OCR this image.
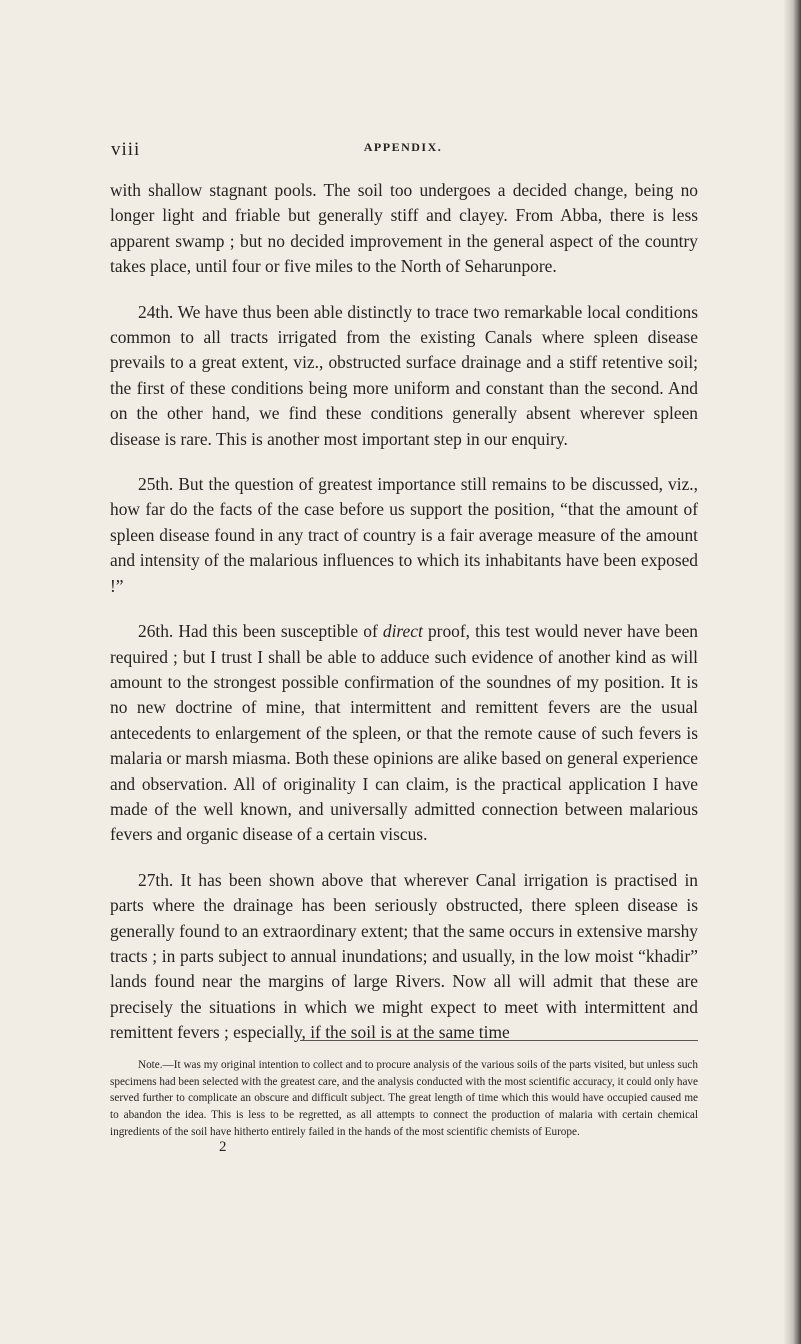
viii	APPENDIX.

with shallow stagnant pools. The soil too undergoes a decided change, being no longer light and friable but generally stiff and clayey. From Abba, there is less apparent swamp ; but no decided improvement in the general aspect of the country takes place, until four or five miles to the North of Seharunpore.

24th. We have thus been able distinctly to trace two remarkable local conditions common to all tracts irrigated from the existing Canals where spleen disease prevails to a great extent, viz., obstructed surface drainage and a stiff retentive soil; the first of these conditions being more uniform and constant than the second. And on the other hand, we find these conditions generally absent wherever spleen disease is rare. This is another most important step in our enquiry.

25th. But the question of greatest importance still remains to be discussed, viz., how far do the facts of the case before us support the position, “that the amount of spleen disease found in any tract of country is a fair average measure of the amount and intensity of the malarious influences to which its inhabitants have been exposed !”

26th. Had this been susceptible of direct proof, this test would never have been required ; but I trust I shall be able to adduce such evidence of another kind as will amount to the strongest possible confirmation of the soundnes of my position. It is no new doctrine of mine, that intermittent and remittent fevers are the usual antecedents to enlargement of the spleen, or that the remote cause of such fevers is malaria or marsh miasma. Both these opinions are alike based on general experience and observation. All of originality I can claim, is the practical application I have made of the well known, and universally admitted connection between malarious fevers and organic disease of a certain viscus.

27th. It has been shown above that wherever Canal irrigation is practised in parts where the drainage has been seriously obstructed, there spleen disease is generally found to an extraordinary extent; that the same occurs in extensive marshy tracts ; in parts subject to annual inundations; and usually, in the low moist “khadir” lands found near the margins of large Rivers. Now all will admit that these are precisely the situations in which we might expect to meet with intermittent and remittent fevers ; especially, if the soil is at the same time

Note.—It was my original intention to collect and to procure analysis of the various soils of the parts visited, but unless such specimens had been selected with the greatest care, and the analysis conducted with the most scientific accuracy, it could only have served further to complicate an obscure and difficult subject. The great length of time which this would have occupied caused me to abandon the idea. This is less to be regretted, as all attempts to connect the production of malaria with certain chemical ingredients of the soil have hitherto entirely failed in the hands of the most scientific chemists of Europe.

2
